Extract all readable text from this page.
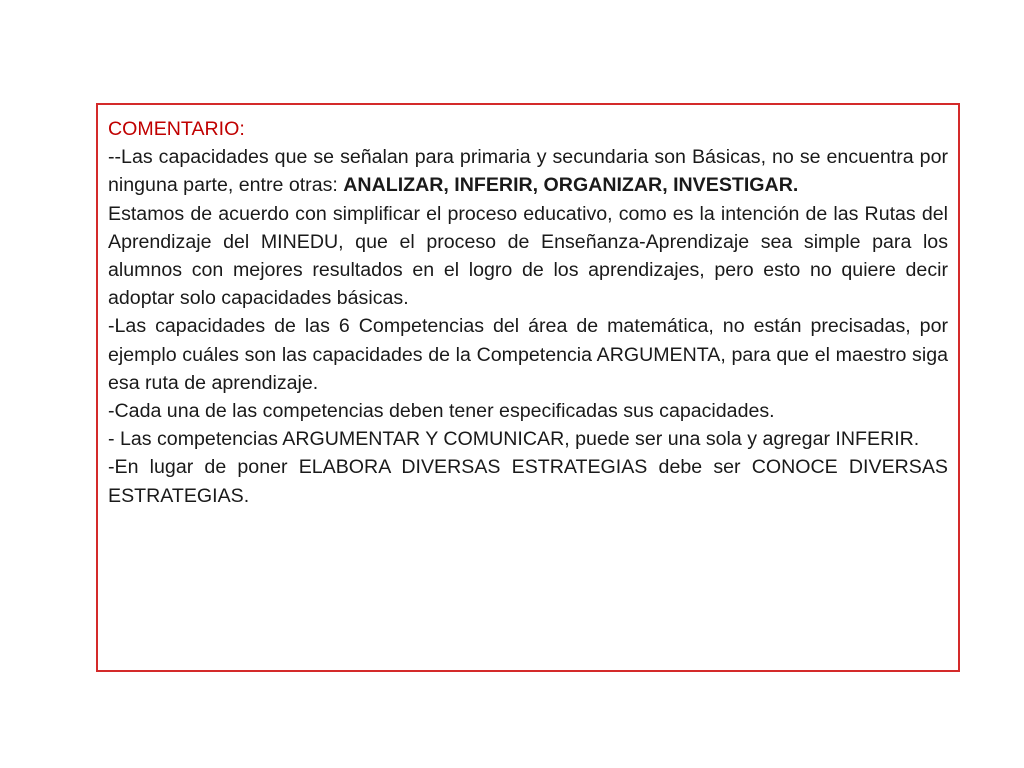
COMENTARIO:

--Las capacidades que se señalan para primaria y secundaria son Básicas, no se encuentra por ninguna parte, entre otras: ANALIZAR, INFERIR, ORGANIZAR, INVESTIGAR.

Estamos de acuerdo con simplificar el proceso educativo, como es la intención de las Rutas del Aprendizaje del MINEDU, que el proceso de Enseñanza-Aprendizaje sea simple para los alumnos con mejores resultados en el logro de los aprendizajes, pero esto no quiere decir adoptar solo capacidades básicas.

-Las capacidades de las 6 Competencias del área de matemática, no están precisadas, por ejemplo cuáles son las capacidades de la Competencia ARGUMENTA, para que el maestro siga esa ruta de aprendizaje.

-Cada una de las competencias deben tener especificadas sus capacidades.

- Las competencias ARGUMENTAR Y COMUNICAR, puede ser una sola y agregar INFERIR.

-En lugar de poner ELABORA DIVERSAS ESTRATEGIAS debe ser CONOCE DIVERSAS ESTRATEGIAS.
